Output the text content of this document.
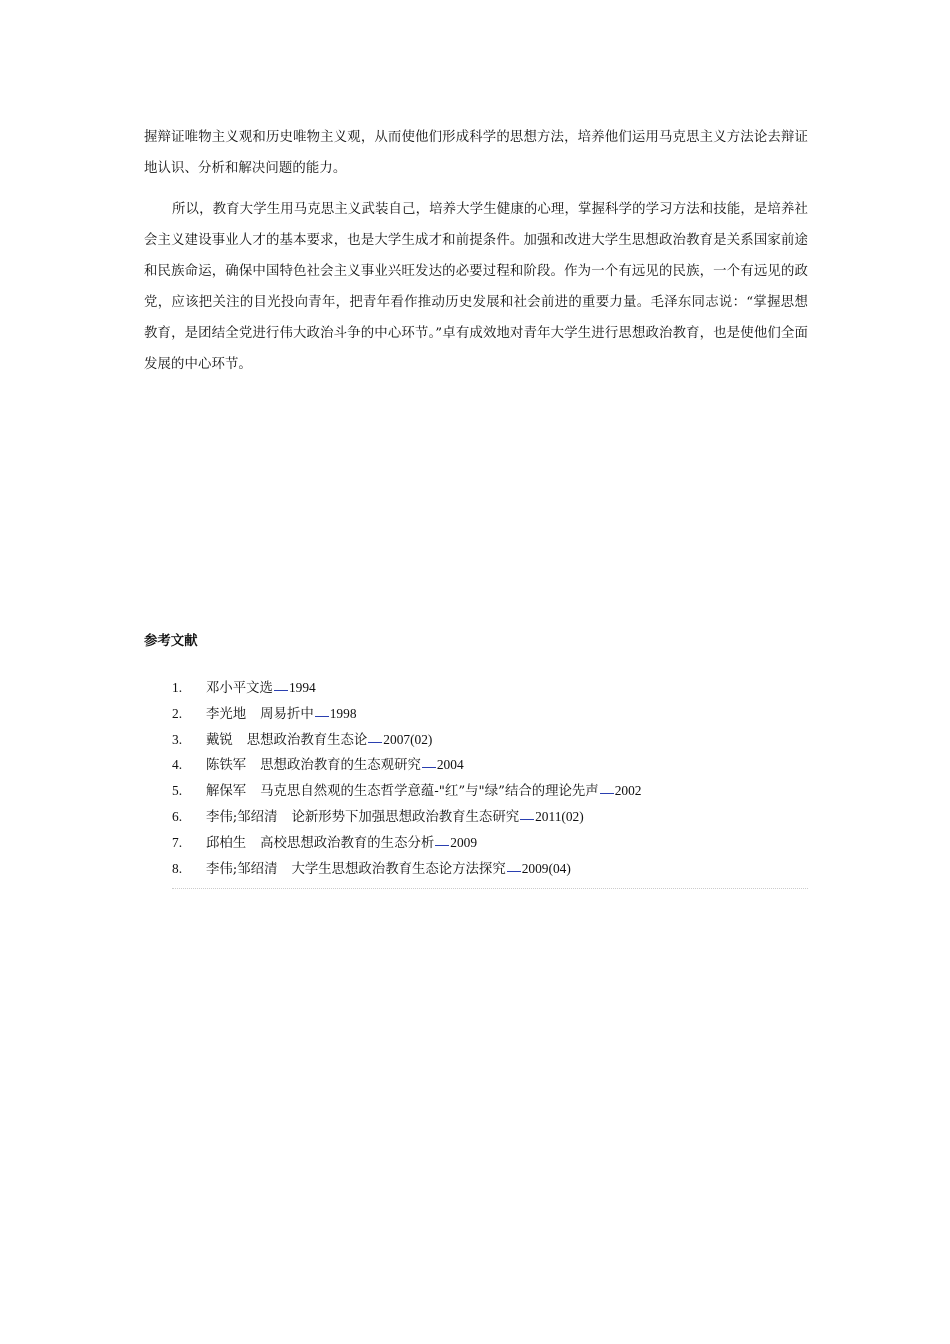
握辩证唯物主义观和历史唯物主义观，从而使他们形成科学的思想方法，培养他们运用马克思主义方法论去辩证地认识、分析和解决问题的能力。

所以，教育大学生用马克思主义武装自己，培养大学生健康的心理，掌握科学的学习方法和技能，是培养社会主义建设事业人才的基本要求，也是大学生成才和前提条件。加强和改进大学生思想政治教育是关系国家前途和民族命运，确保中国特色社会主义事业兴旺发达的必要过程和阶段。作为一个有远见的民族，一个有远见的政党，应该把关注的目光投向青年，把青年看作推动历史发展和社会前进的重要力量。毛泽东同志说：“掌握思想教育，是团结全党进行伟大政治斗争的中心环节。”卓有成效地对青年大学生进行思想政治教育，也是使他们全面发展的中心环节。

参考文献
1.	邓小平文选 1994
2.	李光地 周易折中 1998
3.	戴锐 思想政治教育生态论 2007(02)
4.	陈铁军 思想政治教育的生态观研究 2004
5.	解保军 马克思自然观的生态哲学意蕴-"红”与"绿”结合的理论先声 2002
6.	李伟;邹绍清 论新形势下加强思想政治教育生态研究 2011(02)
7.	邱柏生 高校思想政治教育的生态分析 2009
8.	李伟;邹绍清 大学生思想政治教育生态论方法探究 2009(04)
